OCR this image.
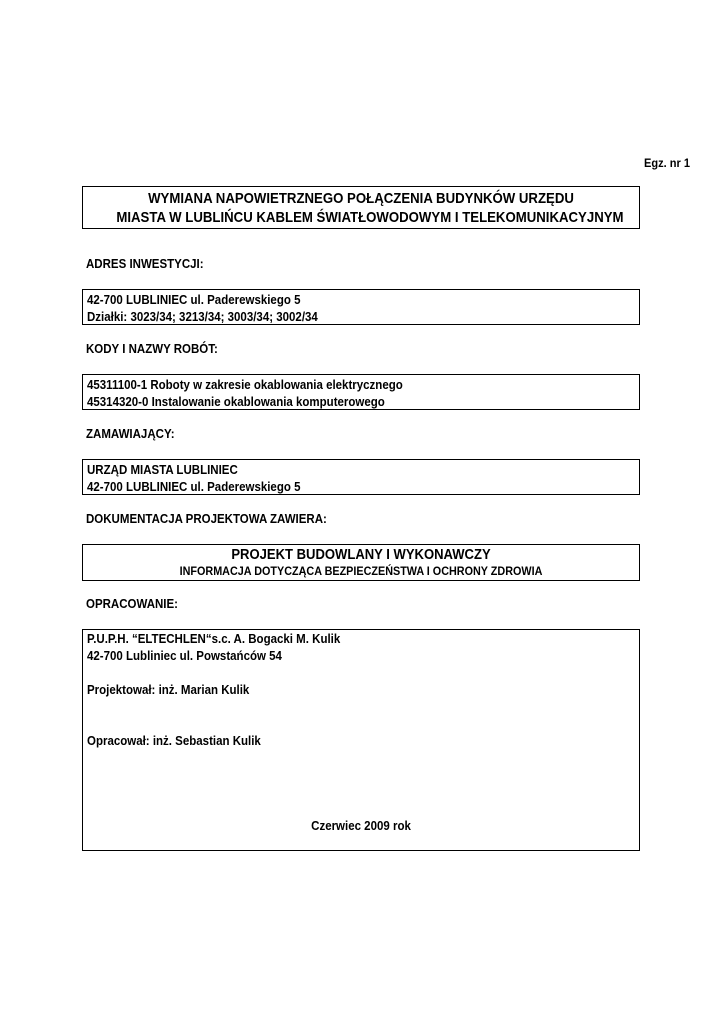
Egz. nr 1
WYMIANA NAPOWIETRZNEGO POŁĄCZENIA BUDYNKÓW URZĘDU
MIASTA W LUBLIŃCU KABLEM ŚWIATŁOWODOWYM I TELEKOMUNIKACYJNYM
ADRES INWESTYCJI:
42-700 LUBLINIEC ul. Paderewskiego 5
Działki: 3023/34; 3213/34; 3003/34; 3002/34
KODY I NAZWY ROBÓT:
45311100-1 Roboty w zakresie okablowania elektrycznego
45314320-0 Instalowanie okablowania komputerowego
ZAMAWIAJĄCY:
URZĄD MIASTA LUBLINIEC
42-700 LUBLINIEC ul. Paderewskiego 5
DOKUMENTACJA PROJEKTOWA ZAWIERA:
PROJEKT BUDOWLANY I WYKONAWCZY
INFORMACJA DOTYCZĄCA BEZPIECZEŃSTWA I OCHRONY ZDROWIA
OPRACOWANIE:
P.U.P.H. “ELTECHLEN“s.c. A. Bogacki M. Kulik
42-700 Lubliniec ul. Powstańców 54
Projektował: inż. Marian Kulik
Opracował: inż. Sebastian Kulik
Czerwiec 2009 rok
